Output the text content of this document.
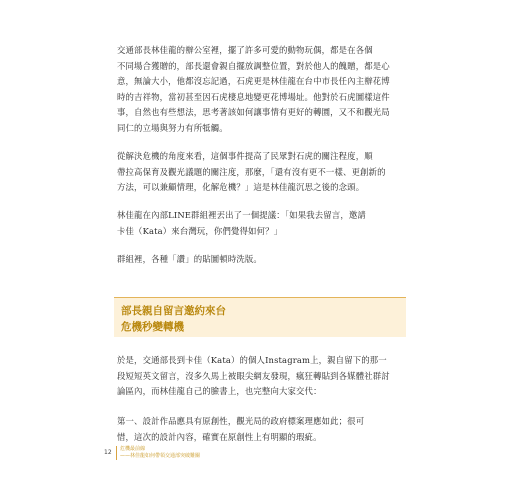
交通部長林佳龍的辦公室裡，擺了許多可愛的動物玩偶，都是在各個
不同場合獲贈的，部長還會親自擺放調整位置，對於他人的餽贈，都是心
意，無論大小，他都沒忘記過，石虎更是林佳龍在台中市長任內主辦花博
時的吉祥物，當初甚至因石虎棲息地變更花博場址。他對於石虎圖樣這件
事，自然也有些想法，思考著該如何讓事情有更好的轉圜，又不和觀光局
同仁的立場與努力有所牴觸。

從解決危機的角度來看，這個事件提高了民眾對石虎的關注程度，順
帶拉高保育及觀光議題的關注度，那麼，「還有沒有更不一樣、更創新的
方法，可以兼顧情理，化解危機？」這是林佳龍沉思之後的念頭。

林佳龍在內部LINE群組裡丟出了一個提議：「如果我去留言，邀請
卡佳（Kata）來台灣玩，你們覺得如何？」

群組裡，各種「讚」的貼圖頓時洗版。

部長親自留言邀約來台
危機秒變轉機

於是，交通部長到卡佳（Kata）的個人Instagram上，親自留下的那一
段短短英文留言，沒多久馬上被眼尖網友發現，瘋狂轉貼到各媒體社群討
論區內，而林佳龍自己的臉書上，也完整向大家交代：

第一、設計作品應具有原創性，觀光局的政府標案理應如此；很可
惜，這次的設計內容，確實在原創性上有明顯的瑕疵。

12 危機最前線
——林佳龍如何帶領交通部突破難關
